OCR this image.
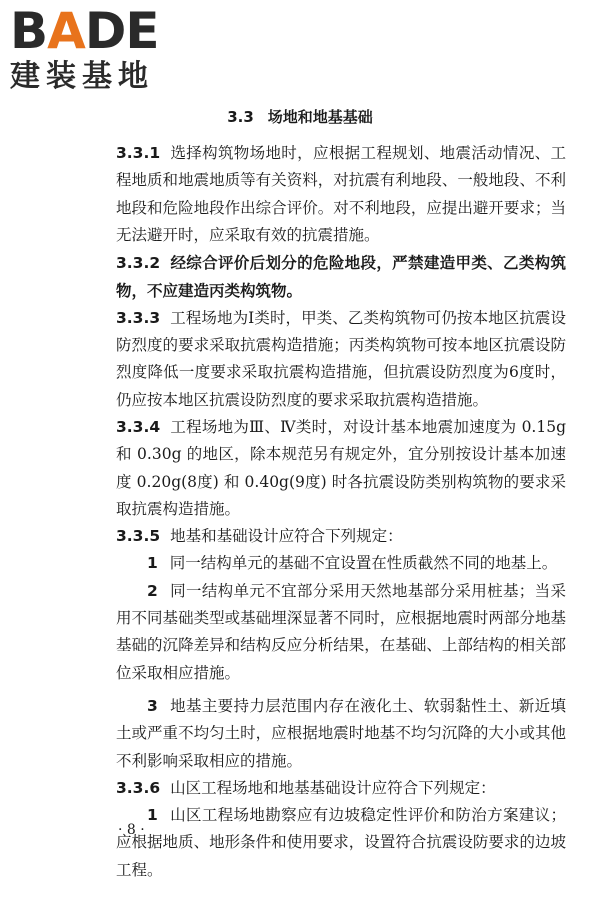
BADE
建装基地
3.3 场地和地基基础

3.3.1 选择构筑物场地时，应根据工程规划、地震活动情况、工程地质和地震地质等有关资料，对抗震有利地段、一般地段、不利地段和危险地段作出综合评价。对不利地段，应提出避开要求；当无法避开时，应采取有效的抗震措施。

3.3.2 经综合评价后划分的危险地段，严禁建造甲类、乙类构筑物，不应建造丙类构筑物。

3.3.3 工程场地为Ⅰ类时，甲类、乙类构筑物可仍按本地区抗震设防烈度的要求采取抗震构造措施；丙类构筑物可按本地区抗震设防烈度降低一度要求采取抗震构造措施，但抗震设防烈度为6度时，仍应按本地区抗震设防烈度的要求采取抗震构造措施。

3.3.4 工程场地为Ⅲ、Ⅳ类时，对设计基本地震加速度为 0.15g 和 0.30g 的地区，除本规范另有规定外，宜分别按设计基本加速度 0.20g(8度) 和 0.40g(9度) 时各抗震设防类别构筑物的要求采取抗震构造措施。

3.3.5 地基和基础设计应符合下列规定：

1 同一结构单元的基础不宜设置在性质截然不同的地基上。

2 同一结构单元不宜部分采用天然地基部分采用桩基；当采用不同基础类型或基础埋深显著不同时，应根据地震时两部分地基基础的沉降差异和结构反应分析结果，在基础、上部结构的相关部位采取相应措施。

3 地基主要持力层范围内存在液化土、软弱黏性土、新近填土或严重不均匀土时，应根据地震时地基不均匀沉降的大小或其他不利影响采取相应的措施。

3.3.6 山区工程场地和地基基础设计应符合下列规定：

1 山区工程场地勘察应有边坡稳定性评价和防治方案建议；应根据地质、地形条件和使用要求，设置符合抗震设防要求的边坡工程。

· 8 ·
